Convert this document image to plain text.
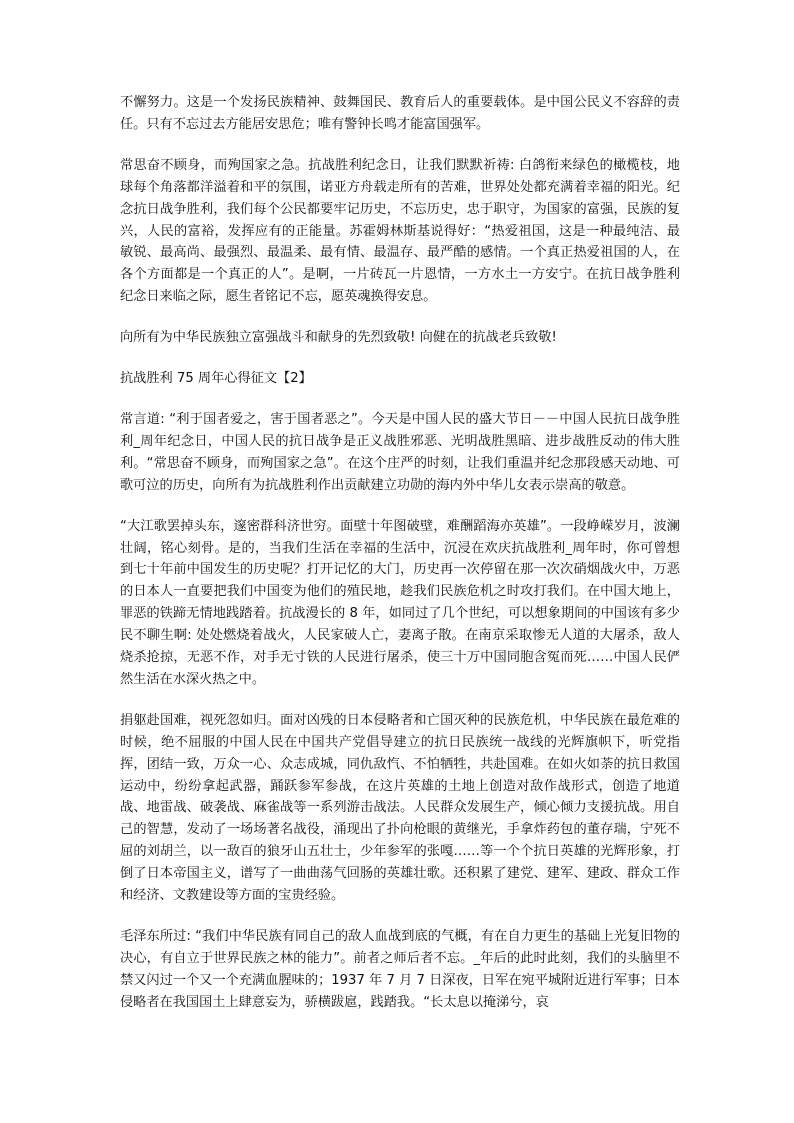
不懈努力。这是一个发扬民族精神、鼓舞国民、教育后人的重要载体。是中国公民义不容辞的责任。只有不忘过去方能居安思危；唯有警钟长鸣才能富国强军。

常思奋不顾身，而殉国家之急。抗战胜利纪念日，让我们默默祈祷: 白鸽衔来绿色的橄榄枝，地球每个角落都洋溢着和平的氛围，诺亚方舟载走所有的苦难，世界处处都充满着幸福的阳光。纪念抗日战争胜利，我们每个公民都要牢记历史，不忘历史，忠于职守，为国家的富强，民族的复兴，人民的富裕，发挥应有的正能量。苏霍姆林斯基说得好：“热爱祖国，这是一种最纯洁、最敏锐、最高尚、最强烈、最温柔、最有情、最温存、最严酷的感情。一个真正热爱祖国的人，在各个方面都是一个真正的人”。是啊，一片砖瓦一片恩情，一方水土一方安宁。在抗日战争胜利纪念日来临之际，愿生者铭记不忘，愿英魂换得安息。

向所有为中华民族独立富强战斗和献身的先烈致敬! 向健在的抗战老兵致敬!

抗战胜利 75 周年心得征文【2】

常言道: “利于国者爱之，害于国者恶之”。今天是中国人民的盛大节日－－中国人民抗日战争胜利_周年纪念日，中国人民的抗日战争是正义战胜邪恶、光明战胜黑暗、进步战胜反动的伟大胜利。“常思奋不顾身，而殉国家之急”。在这个庄严的时刻，让我们重温并纪念那段感天动地、可歌可泣的历史，向所有为抗战胜利作出贡献建立功勋的海内外中华儿女表示崇高的敬意。

“大江歌罢掉头东，邃密群科济世穷。面壁十年图破壁，难酬蹈海亦英雄”。一段峥嵘岁月，波澜壮阔，铭心刻骨。是的，当我们生活在幸福的生活中，沉浸在欢庆抗战胜利_周年时，你可曾想到七十年前中国发生的历史呢？打开记忆的大门，历史再一次停留在那一次次硝烟战火中，万恶的日本人一直要把我们中国变为他们的殖民地，趁我们民族危机之时攻打我们。在中国大地上，罪恶的铁蹄无情地践踏着。抗战漫长的 8 年，如同过了几个世纪，可以想象期间的中国该有多少民不聊生啊: 处处燃烧着战火，人民家破人亡，妻离子散。在南京采取惨无人道的大屠杀，敌人烧杀抢掠，无恶不作，对手无寸铁的人民进行屠杀，使三十万中国同胞含冤而死……中国人民俨然生活在水深火热之中。

捐躯赴国难，视死忽如归。面对凶残的日本侵略者和亡国灭种的民族危机，中华民族在最危难的时候，绝不屈服的中国人民在中国共产党倡导建立的抗日民族统一战线的光辉旗帜下，听党指挥，团结一致，万众一心、众志成城，同仇敌忾、不怕牺牲，共赴国难。在如火如荼的抗日救国运动中，纷纷拿起武器，踊跃参军参战，在这片英雄的土地上创造对敌作战形式，创造了地道战、地雷战、破袭战、麻雀战等一系列游击战法。人民群众发展生产，倾心倾力支援抗战。用自己的智慧，发动了一场场著名战役，涌现出了扑向枪眼的黄继光，手拿炸药包的董存瑞，宁死不屈的刘胡兰，以一敌百的狼牙山五壮士，少年参军的张嘎……等一个个抗日英雄的光辉形象，打倒了日本帝国主义，谱写了一曲曲荡气回肠的英雄壮歌。还积累了建党、建军、建政、群众工作和经济、文教建设等方面的宝贵经验。

毛泽东所过: “我们中华民族有同自己的敌人血战到底的气概，有在自力更生的基础上光复旧物的决心，有自立于世界民族之林的能力”。前者之师后者不忘。_年后的此时此刻，我们的头脑里不禁又闪过一个又一个充满血腥味的；1937 年 7 月 7 日深夜，日军在宛平城附近进行军事；日本侵略者在我国国土上肆意妄为，骄横跋扈，践踏我。“长太息以掩涕兮，哀
